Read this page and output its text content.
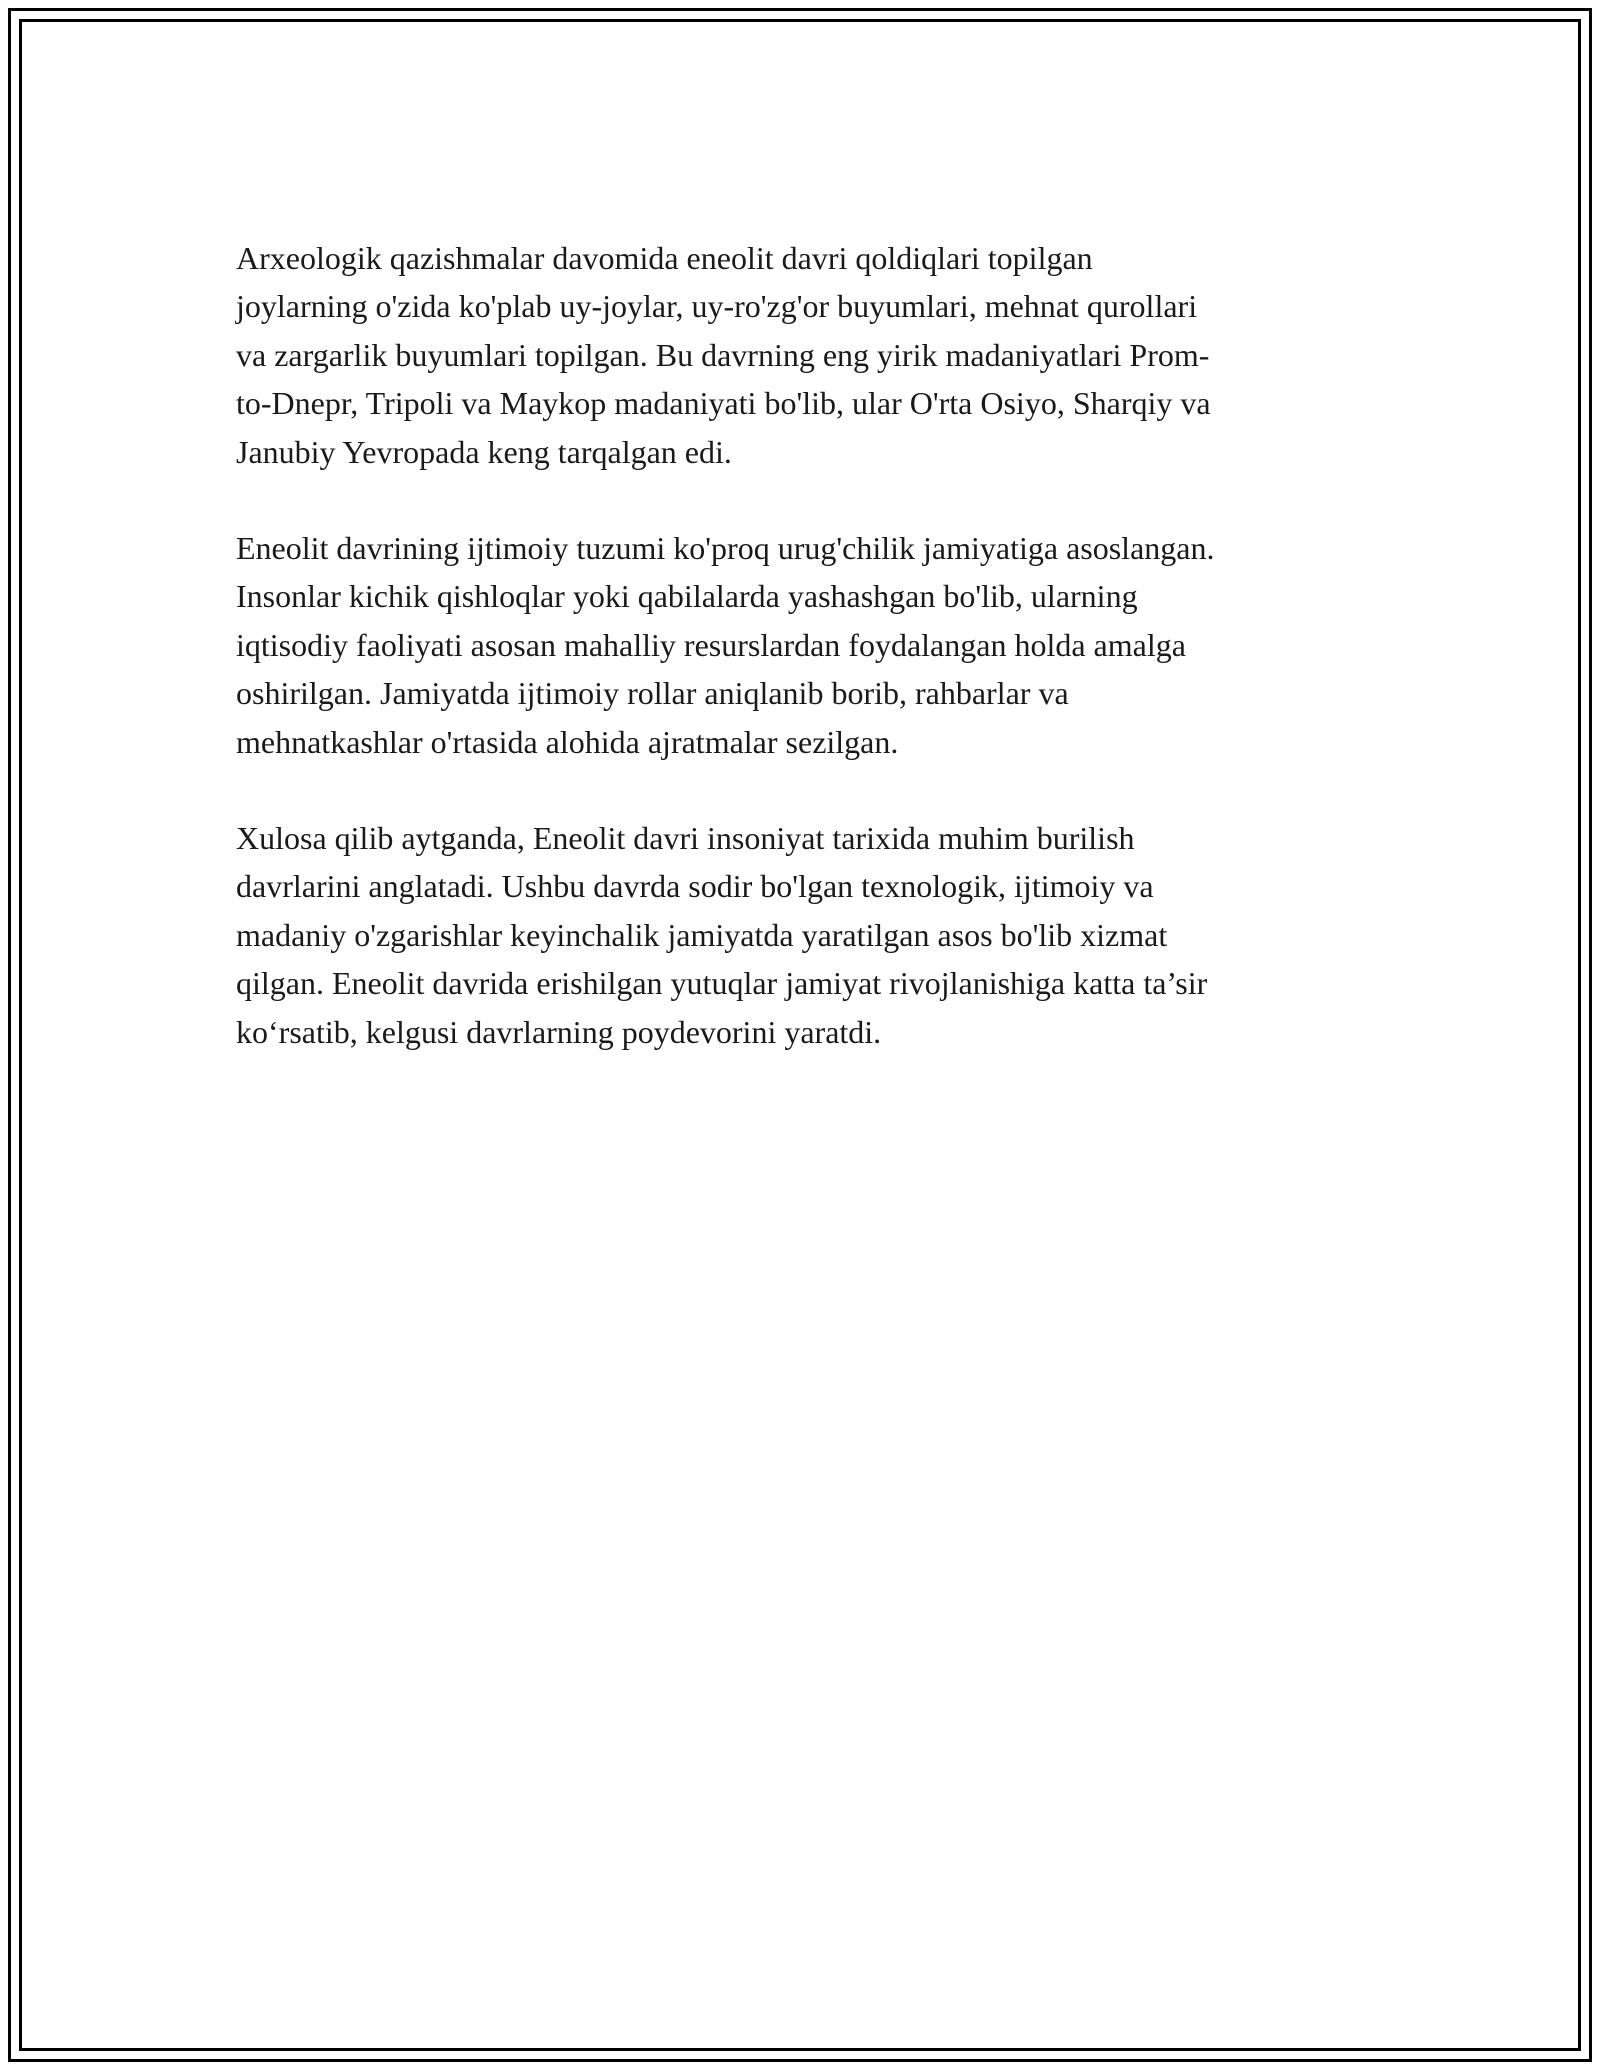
Arxeologik qazishmalar davomida eneolit davri qoldiqlari topilgan
joylarning o'zida ko'plab uy-joylar, uy-ro'zg'or buyumlari, mehnat qurollari
va zargarlik buyumlari topilgan. Bu davrning eng yirik madaniyatlari Prom-
to-Dnepr, Tripoli va Maykop madaniyati bo'lib, ular O'rta Osiyo, Sharqiy va
Janubiy Yevropada keng tarqalgan edi.

Eneolit davrining ijtimoiy tuzumi ko'proq urug'chilik jamiyatiga asoslangan.
Insonlar kichik qishloqlar yoki qabilalarda yashashgan bo'lib, ularning
iqtisodiy faoliyati asosan mahalliy resurslardan foydalangan holda amalga
oshirilgan. Jamiyatda ijtimoiy rollar aniqlanib borib, rahbarlar va
mehnatkashlar o'rtasida alohida ajratmalar sezilgan.

Xulosa qilib aytganda, Eneolit davri insoniyat tarixida muhim burilish
davrlarini anglatadi. Ushbu davrda sodir bo'lgan texnologik, ijtimoiy va
madaniy o'zgarishlar keyinchalik jamiyatda yaratilgan asos bo'lib xizmat
qilgan. Eneolit davrida erishilgan yutuqlar jamiyat rivojlanishiga katta ta’sir
ko‘rsatib, kelgusi davrlarning poydevorini yaratdi.
